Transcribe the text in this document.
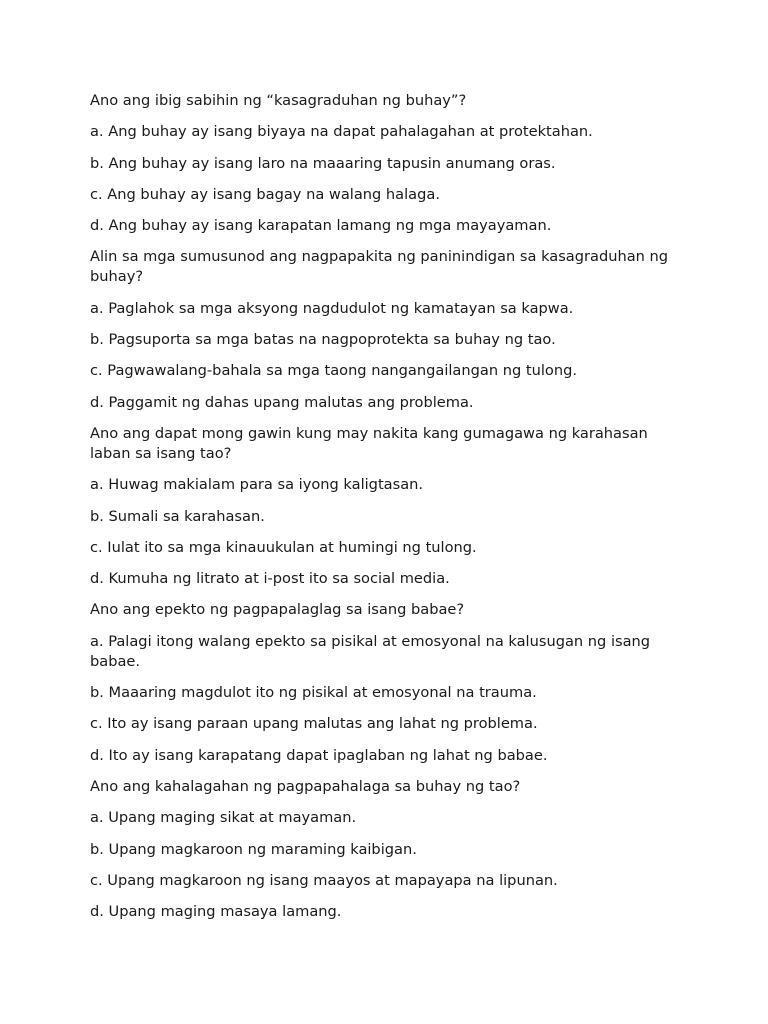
Ano ang ibig sabihin ng “kasagraduhan ng buhay”?

a. Ang buhay ay isang biyaya na dapat pahalagahan at protektahan.

b. Ang buhay ay isang laro na maaaring tapusin anumang oras.

c. Ang buhay ay isang bagay na walang halaga.

d. Ang buhay ay isang karapatan lamang ng mga mayayaman.

Alin sa mga sumusunod ang nagpapakita ng paninindigan sa kasagraduhan ng buhay?

a. Paglahok sa mga aksyong nagdudulot ng kamatayan sa kapwa.

b. Pagsuporta sa mga batas na nagpoprotekta sa buhay ng tao.

c. Pagwawalang-bahala sa mga taong nangangailangan ng tulong.

d. Paggamit ng dahas upang malutas ang problema.

Ano ang dapat mong gawin kung may nakita kang gumagawa ng karahasan laban sa isang tao?

a. Huwag makialam para sa iyong kaligtasan.

b. Sumali sa karahasan.

c. Iulat ito sa mga kinauukulan at humingi ng tulong.

d. Kumuha ng litrato at i-post ito sa social media.

Ano ang epekto ng pagpapalaglag sa isang babae?

a. Palagi itong walang epekto sa pisikal at emosyonal na kalusugan ng isang babae.

b. Maaaring magdulot ito ng pisikal at emosyonal na trauma.

c. Ito ay isang paraan upang malutas ang lahat ng problema.

d. Ito ay isang karapatang dapat ipaglaban ng lahat ng babae.

Ano ang kahalagahan ng pagpapahalaga sa buhay ng tao?

a. Upang maging sikat at mayaman.

b. Upang magkaroon ng maraming kaibigan.

c. Upang magkaroon ng isang maayos at mapayapa na lipunan.

d. Upang maging masaya lamang.
